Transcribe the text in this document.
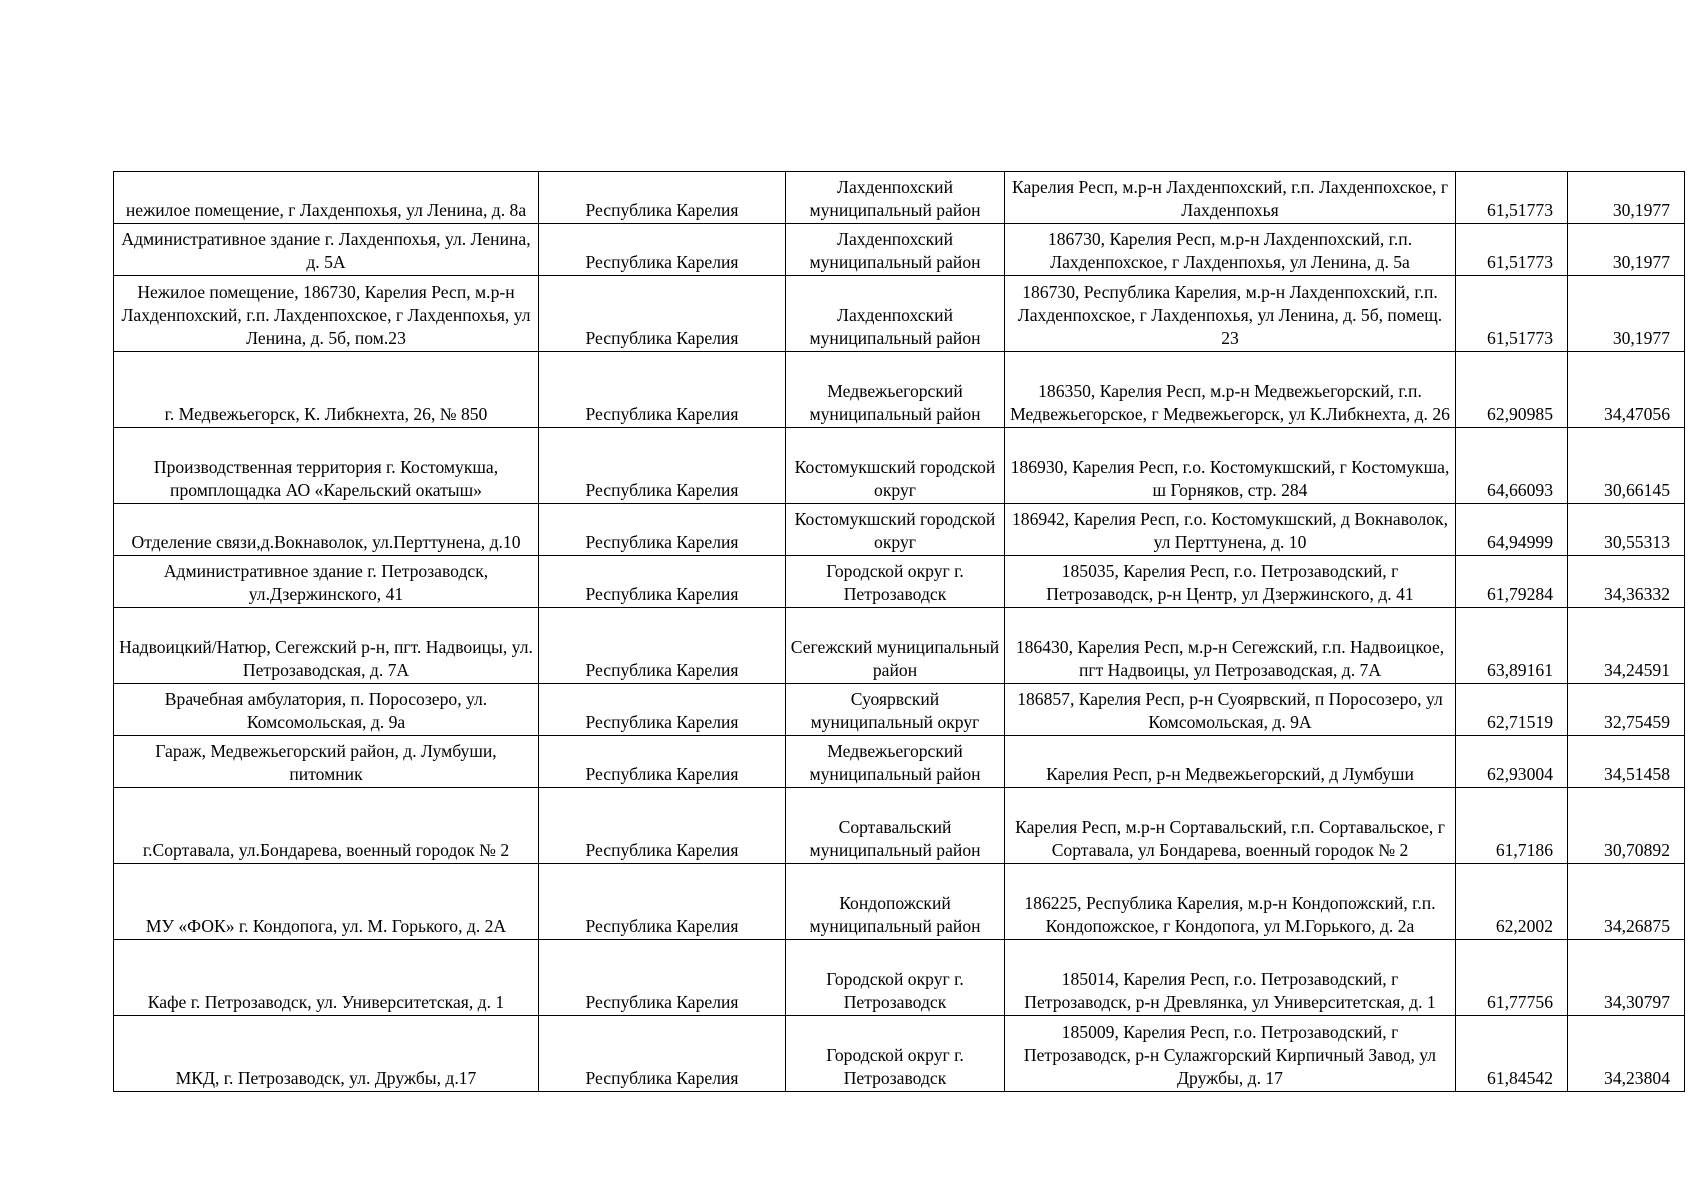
нежилое помещение, г Лахденпохья, ул Ленина, д. 8а	Республика Карелия	Лахденпохский муниципальный район	Карелия Респ, м.р-н Лахденпохский, г.п. Лахденпохское, г Лахденпохья	61,51773	30,1977
Административное здание г. Лахденпохья, ул. Ленина, д. 5А	Республика Карелия	Лахденпохский муниципальный район	186730, Карелия Респ, м.р-н Лахденпохский, г.п. Лахденпохское, г Лахденпохья, ул Ленина, д. 5а	61,51773	30,1977
Нежилое помещение, 186730, Карелия Респ, м.р-н Лахденпохский, г.п. Лахденпохское, г Лахденпохья, ул Ленина, д. 5б, пом.23	Республика Карелия	Лахденпохский муниципальный район	186730, Республика Карелия, м.р-н Лахденпохский, г.п. Лахденпохское, г Лахденпохья, ул Ленина, д. 5б, помещ. 23	61,51773	30,1977
г. Медвежьегорск, К. Либкнехта, 26, № 850	Республика Карелия	Медвежьегорский муниципальный район	186350, Карелия Респ, м.р-н Медвежьегорский, г.п. Медвежьегорское, г Медвежьегорск, ул К.Либкнехта, д. 26	62,90985	34,47056
Производственная территория г. Костомукша, промплощадка АО «Карельский окатыш»	Республика Карелия	Костомукшский городской округ	186930, Карелия Респ, г.о. Костомукшский, г Костомукша, ш Горняков, стр. 284	64,66093	30,66145
Отделение связи,д.Вокнаволок, ул.Перттунена, д.10	Республика Карелия	Костомукшский городской округ	186942, Карелия Респ, г.о. Костомукшский, д Вокнаволок, ул Перттунена, д. 10	64,94999	30,55313
Административное здание г. Петрозаводск, ул.Дзержинского, 41	Республика Карелия	Городской округ г. Петрозаводск	185035, Карелия Респ, г.о. Петрозаводский, г Петрозаводск, р-н Центр, ул Дзержинского, д. 41	61,79284	34,36332
Надвоицкий/Натюр, Сегежский р-н, пгт. Надвоицы, ул. Петрозаводская, д. 7А	Республика Карелия	Сегежский муниципальный район	186430, Карелия Респ, м.р-н Сегежский, г.п. Надвоицкое, пгт Надвоицы, ул Петрозаводская, д. 7А	63,89161	34,24591
Врачебная амбулатория, п. Поросозеро, ул. Комсомольская, д. 9а	Республика Карелия	Суоярвский муниципальный округ	186857, Карелия Респ, р-н Суоярвский, п Поросозеро, ул Комсомольская, д. 9А	62,71519	32,75459
Гараж, Медвежьегорский район, д. Лумбуши, питомник	Республика Карелия	Медвежьегорский муниципальный район	Карелия Респ, р-н Медвежьегорский, д Лумбуши	62,93004	34,51458
г.Сортавала, ул.Бондарева, военный городок № 2	Республика Карелия	Сортавальский муниципальный район	Карелия Респ, м.р-н Сортавальский, г.п. Сортавальское, г Сортавала, ул Бондарева, военный городок № 2	61,7186	30,70892
МУ «ФОК» г. Кондопога, ул. М. Горького, д. 2А	Республика Карелия	Кондопожский муниципальный район	186225, Республика Карелия, м.р-н Кондопожский, г.п. Кондопожское, г Кондопога, ул М.Горького, д. 2а	62,2002	34,26875
Кафе г. Петрозаводск, ул. Университетская, д. 1	Республика Карелия	Городской округ г. Петрозаводск	185014, Карелия Респ, г.о. Петрозаводский, г Петрозаводск, р-н Древлянка, ул Университетская, д. 1	61,77756	34,30797
МКД, г. Петрозаводск, ул. Дружбы, д.17	Республика Карелия	Городской округ г. Петрозаводск	185009, Карелия Респ, г.о. Петрозаводский, г Петрозаводск, р-н Сулажгорский Кирпичный Завод, ул Дружбы, д. 17	61,84542	34,23804
